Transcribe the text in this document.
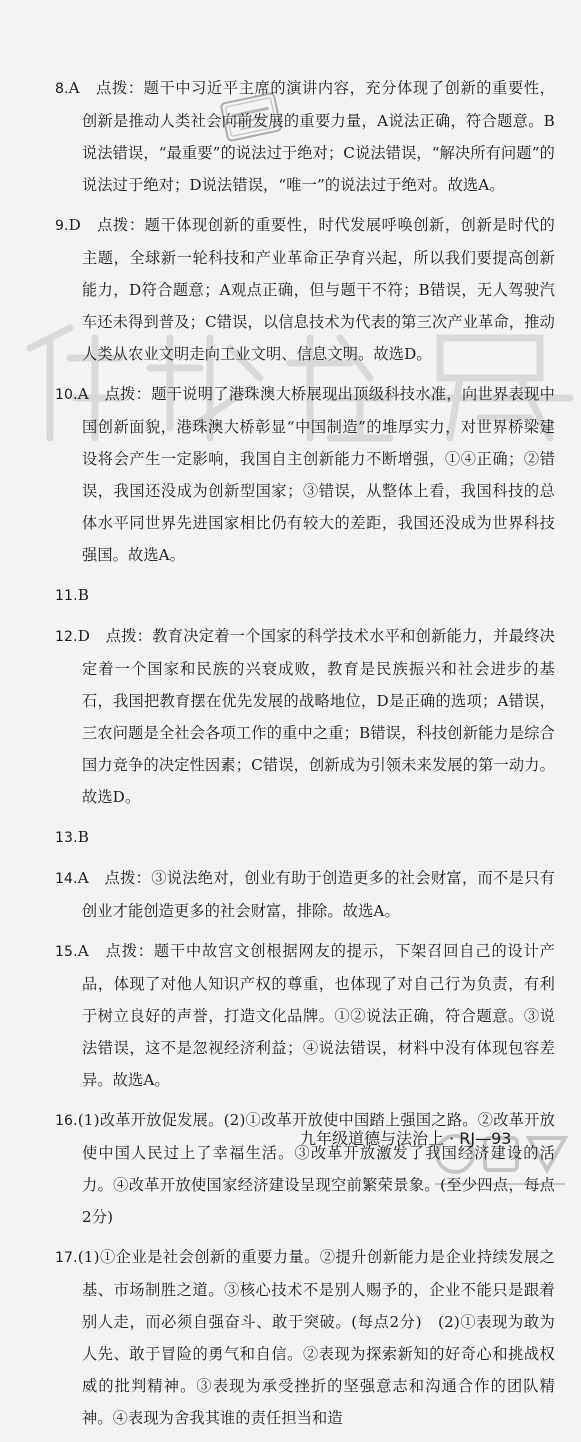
8.A　点拨：题干中习近平主席的演讲内容，充分体现了创新的重要性，创新是推动人类社会向前发展的重要力量，A说法正确，符合题意。B说法错误，“最重要”的说法过于绝对；C说法错误，“解决所有问题”的说法过于绝对；D说法错误，“唯一”的说法过于绝对。故选A。

9.D　点拨：题干体现创新的重要性，时代发展呼唤创新，创新是时代的主题，全球新一轮科技和产业革命正孕育兴起，所以我们要提高创新能力，D符合题意；A观点正确，但与题干不符；B错误，无人驾驶汽车还未得到普及；C错误，以信息技术为代表的第三次产业革命，推动人类从农业文明走向工业文明、信息文明。故选D。

10.A　点拨：题干说明了港珠澳大桥展现出顶级科技水准，向世界表现中国创新面貌，港珠澳大桥彰显“中国制造”的堆厚实力，对世界桥梁建设将会产生一定影响，我国自主创新能力不断增强，①④正确；②错误，我国还没成为创新型国家；③错误，从整体上看，我国科技的总体水平同世界先进国家相比仍有较大的差距，我国还没成为世界科技强国。故选A。

11.B

12.D　点拨：教育决定着一个国家的科学技术水平和创新能力，并最终决定着一个国家和民族的兴衰成败，教育是民族振兴和社会进步的基石，我国把教育摆在优先发展的战略地位，D是正确的选项；A错误，三农问题是全社会各项工作的重中之重；B错误，科技创新能力是综合国力竞争的决定性因素；C错误，创新成为引领未来发展的第一动力。故选D。

13.B

14.A　点拨：③说法绝对，创业有助于创造更多的社会财富，而不是只有创业才能创造更多的社会财富，排除。故选A。

15.A　点拨：题干中故宫文创根据网友的提示，下架召回自己的设计产品，体现了对他人知识产权的尊重，也体现了对自己行为负责，有利于树立良好的声誉，打造文化品牌。①②说法正确，符合题意。③说法错误，这不是忽视经济利益；④说法错误，材料中没有体现包容差异。故选A。

16.(1)改革开放促发展。(2)①改革开放使中国踏上强国之路。②改革开放使中国人民过上了幸福生活。③改革开放激发了我国经济建设的活力。④改革开放使国家经济建设呈现空前繁荣景象。(至少四点，每点2分)

17.(1)①企业是社会创新的重要力量。②提升创新能力是企业持续发展之基、市场制胜之道。③核心技术不是别人赐予的，企业不能只是跟着别人走，而必须自强奋斗、敢于突破。(每点2分)　(2)①表现为敢为人先、敢于冒险的勇气和自信。②表现为探索新知的好奇心和挑战权威的批判精神。③表现为承受挫折的坚强意志和沟通合作的团队精神。④表现为舍我其谁的责任担当和造

九年级道德与法治上 · RJ—93
